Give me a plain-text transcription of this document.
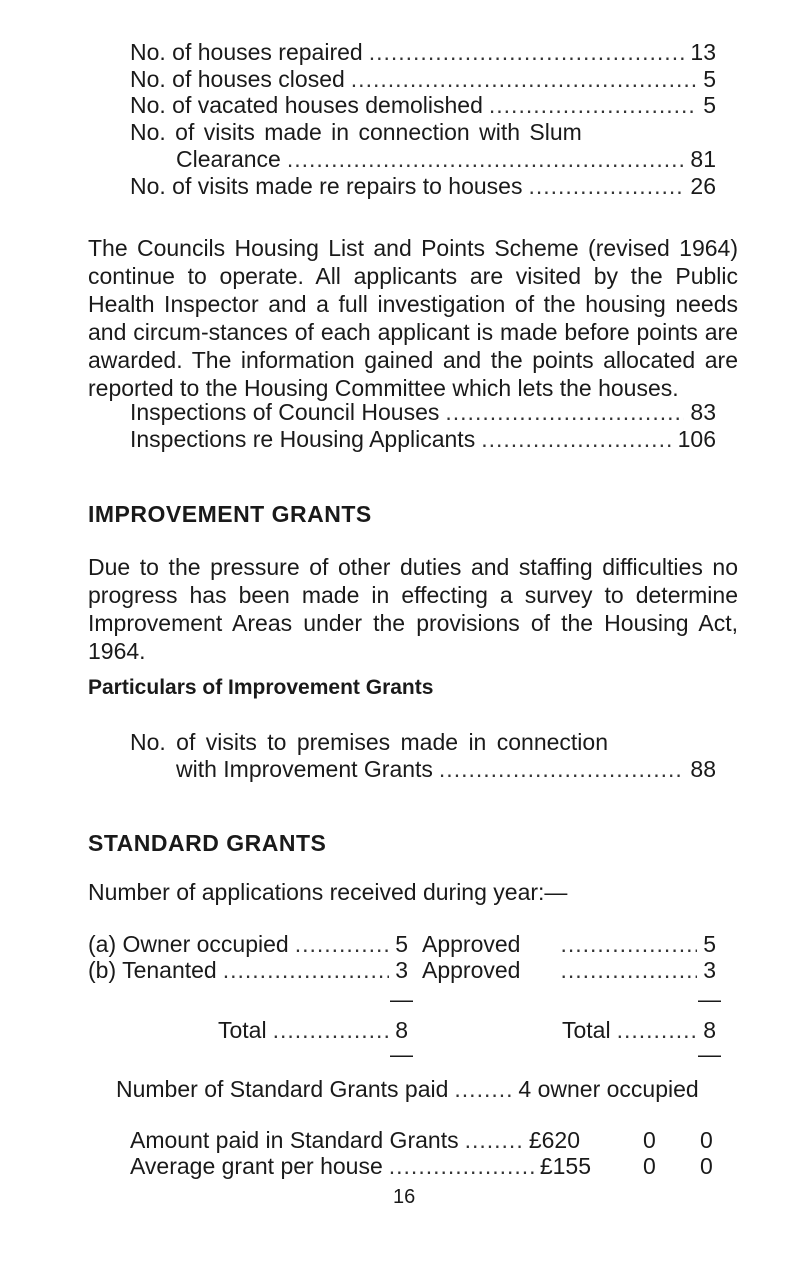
No. of houses repaired .....	13
No. of houses closed .....	5
No. of vacated houses demolished .....	5
No. of visits made in connection with Slum
Clearance .....	81
No. of visits made re repairs to houses .....	26
The Councils Housing List and Points Scheme (revised 1964) continue to operate. All applicants are visited by the Public Health Inspector and a full investigation of the housing needs and circum-stances of each applicant is made before points are awarded. The information gained and the points allocated are reported to the Housing Committee which lets the houses.
Inspections of Council Houses .....	83
Inspections re Housing Applicants .....	106
IMPROVEMENT GRANTS
Due to the pressure of other duties and staffing difficulties no progress has been made in effecting a survey to determine Improvement Areas under the provisions of the Housing Act, 1964.
Particulars of Improvement Grants
No. of visits to premises made in connection
with Improvement Grants .....	88
STANDARD GRANTS
Number of applications received during year:—
(a) Owner occupied .....	5 Approved .....	5
(b) Tenanted .....	3 Approved .....	3
—	—
Total .....	8	Total .....	8
—	—
Number of Standard Grants paid .....	4 owner occupied
Amount paid in Standard Grants .....	£620	0 0
Average grant per house .....	£155 0 0
16
